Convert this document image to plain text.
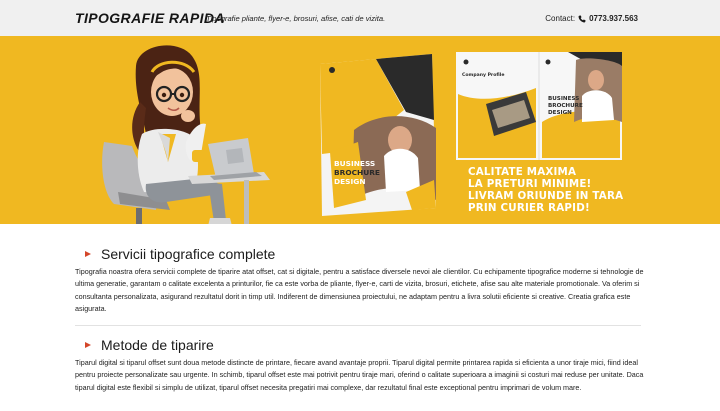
TIPOGRAFIE RAPIDA
Tipografie pliante, flyer-e, brosuri, afise, cati de vizita.	Contact: 0773.937.563
BUSINESS
BROCHURE
DESIGN
Company Profile
BUSINESS
BROCHURE
DESIGN
CALITATE MAXIMA
LA PRETURI MINIME!
LIVRAM ORIUNDE IN TARA
PRIN CURIER RAPID!
Servicii tipografice complete

Tipografia noastra ofera servicii complete de tiparire atat offset, cat si digitale, pentru a satisface diversele nevoi ale clientilor. Cu echipamente tipografice moderne si tehnologie de ultima generatie, garantam o calitate excelenta a printurilor, fie ca este vorba de pliante, flyer-e, carti de vizita, brosuri, etichete, afise sau alte materiale promotionale. Va oferim si consultanta personalizata, asigurand rezultatul dorit in timp util. Indiferent de dimensiunea proiectului, ne adaptam pentru a livra solutii eficiente si creative. Creatia grafica este asigurata.

Metode de tiparire

Tiparul digital si tiparul offset sunt doua metode distincte de printare, fiecare avand avantaje proprii. Tiparul digital permite printarea rapida si eficienta a unor tiraje mici, fiind ideal pentru proiecte personalizate sau urgente. In schimb, tiparul offset este mai potrivit pentru tiraje mari, oferind o calitate superioara a imaginii si costuri mai reduse per unitate. Daca tiparul digital este flexibil si simplu de utilizat, tiparul offset necesita pregatiri mai complexe, dar rezultatul final este exceptional pentru imprimari de volum mare.
